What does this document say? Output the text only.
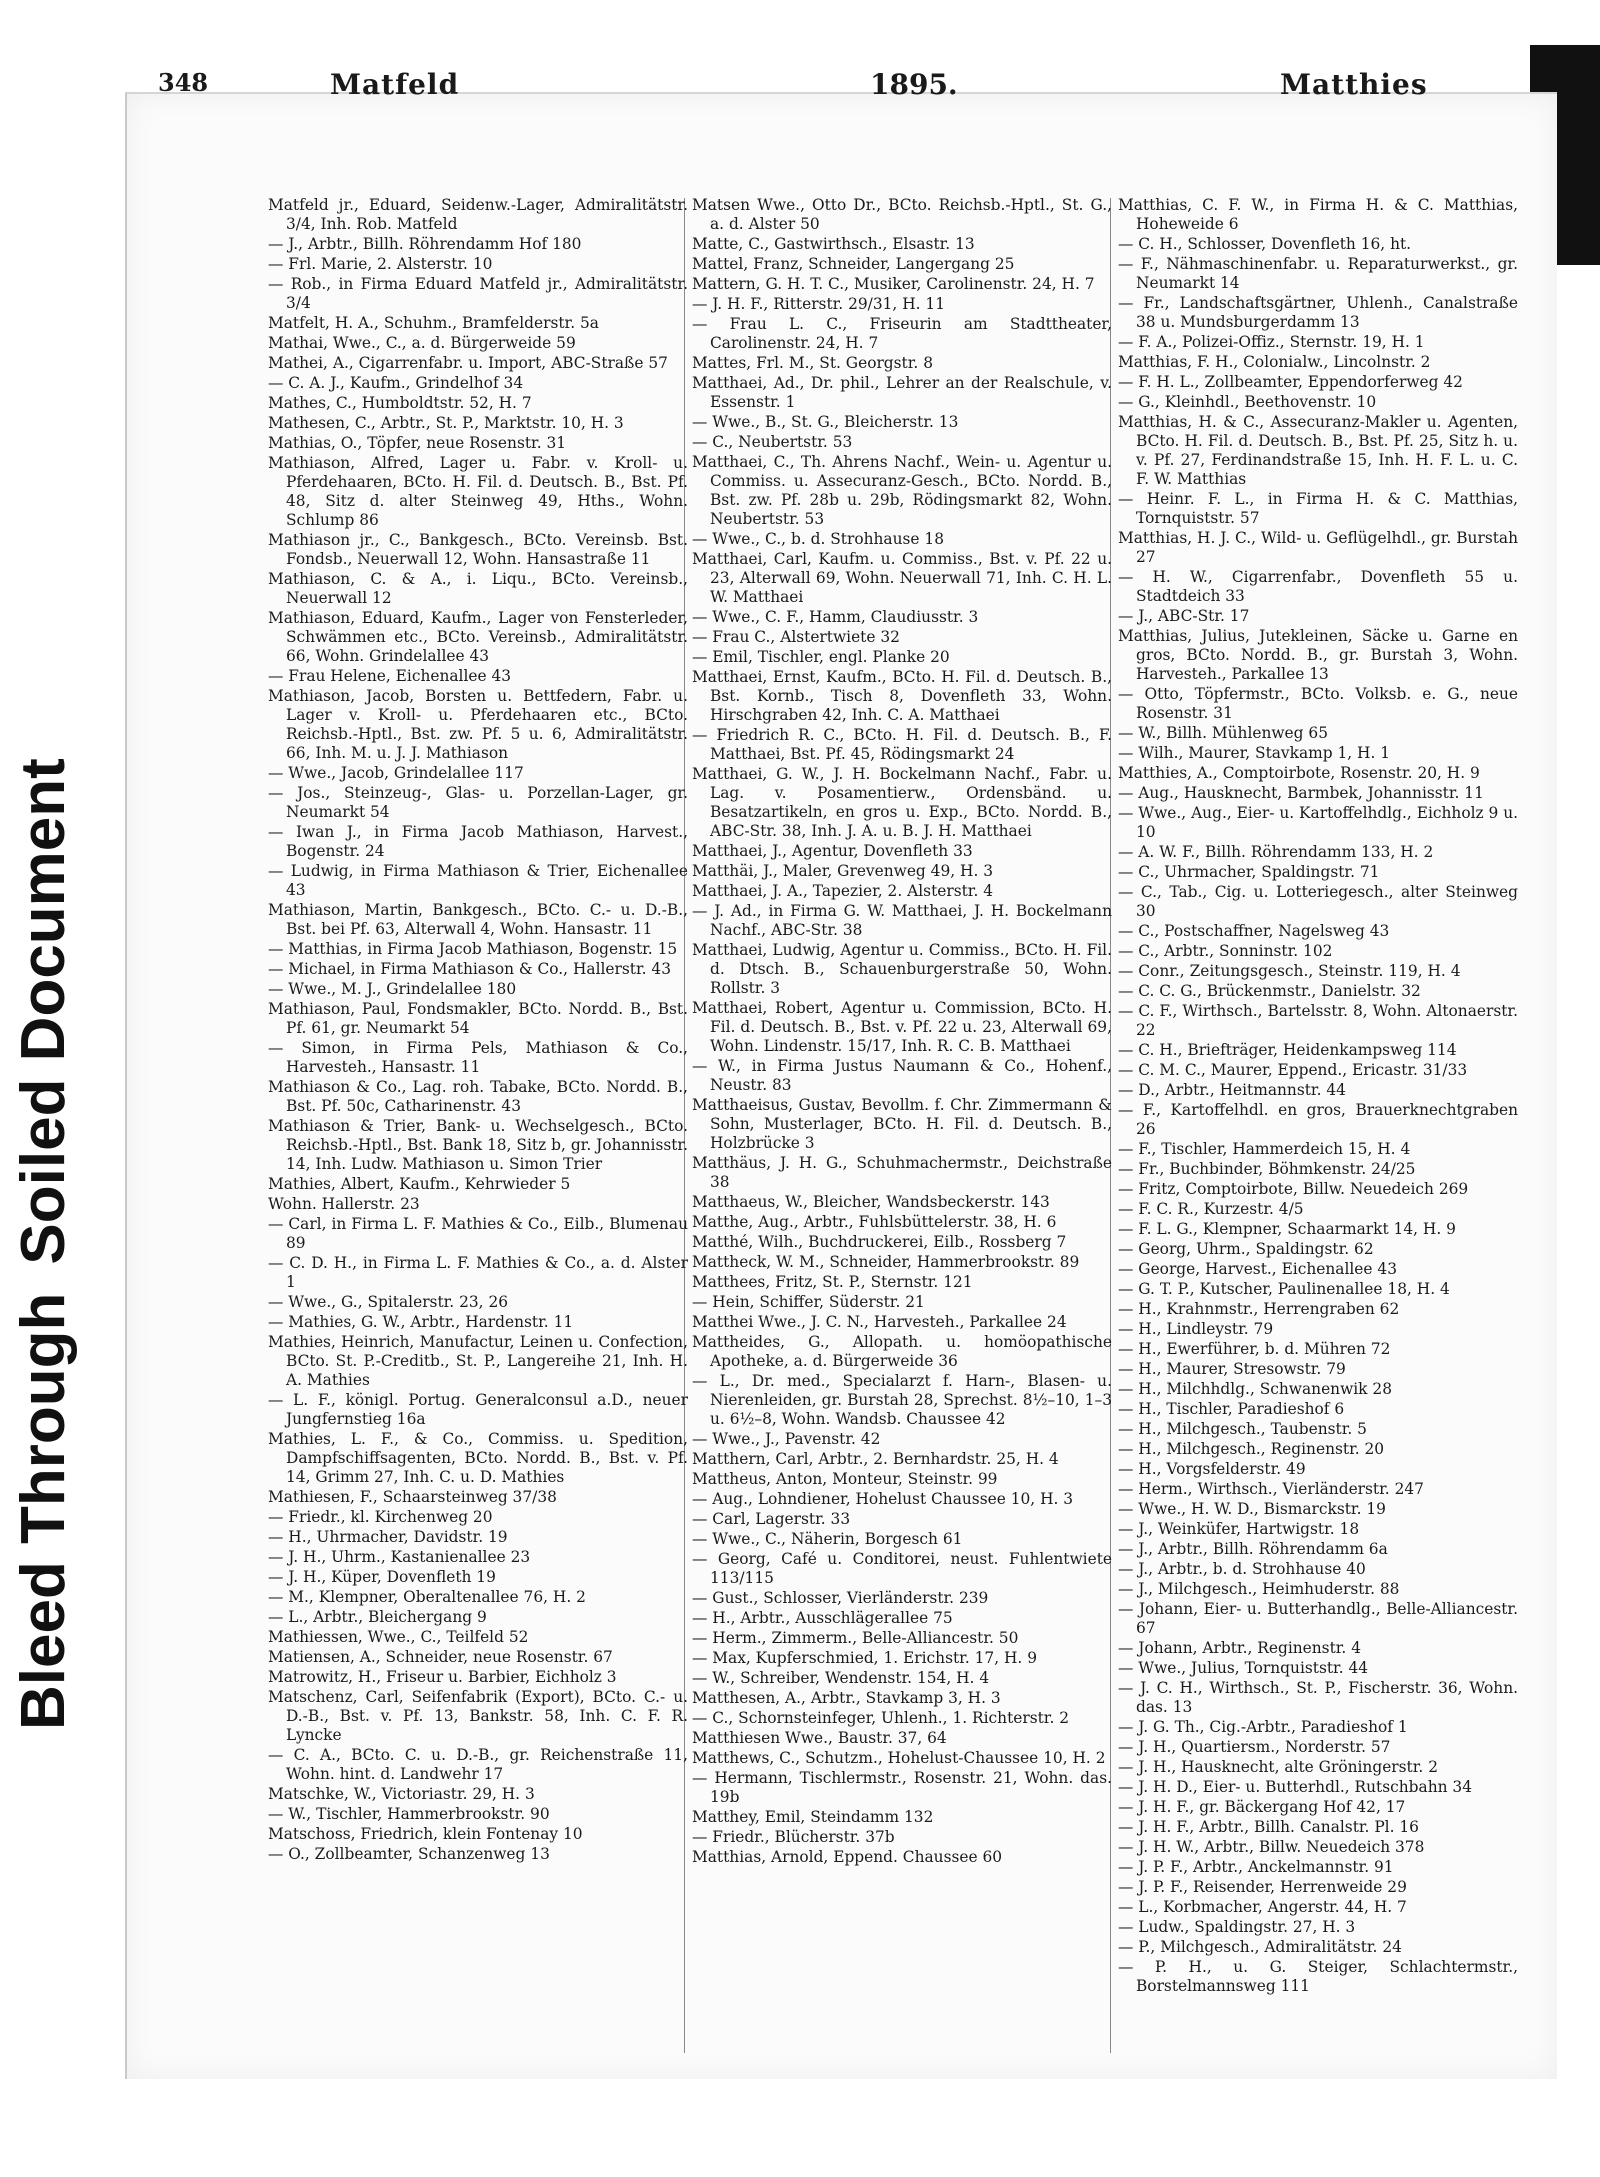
Bleed ThroughSoiled Document
348	Matfeld	1895.	Matthies

Matfeld jr., Eduard, Seidenw.-Lager, Admiralitätstr. 3/4, Inh. Rob. Matfeld

— J., Arbtr., Billh. Röhrendamm Hof 180

— Frl. Marie, 2. Alsterstr. 10

— Rob., in Firma Eduard Matfeld jr., Admiralitätstr. 3/4

Matfelt, H. A., Schuhm., Bramfelderstr. 5a

Mathai, Wwe., C., a. d. Bürgerweide 59

Mathei, A., Cigarrenfabr. u. Import, ABC-Straße 57

— C. A. J., Kaufm., Grindelhof 34

Mathes, C., Humboldtstr. 52, H. 7

Mathesen, C., Arbtr., St. P., Marktstr. 10, H. 3

Mathias, O., Töpfer, neue Rosenstr. 31

Mathiason, Alfred, Lager u. Fabr. v. Kroll- u. Pferdehaaren, BCto. H. Fil. d. Deutsch. B., Bst. Pf. 48, Sitz d. alter Steinweg 49, Hths., Wohn. Schlump 86

Mathiason jr., C., Bankgesch., BCto. Vereinsb. Bst. Fondsb., Neuerwall 12, Wohn. Hansastraße 11

Mathiason, C. & A., i. Liqu., BCto. Vereinsb., Neuerwall 12

Mathiason, Eduard, Kaufm., Lager von Fensterleder, Schwämmen etc., BCto. Vereinsb., Admiralitätstr. 66, Wohn. Grindelallee 43

— Frau Helene, Eichenallee 43

Mathiason, Jacob, Borsten u. Bettfedern, Fabr. u. Lager v. Kroll- u. Pferdehaaren etc., BCto. Reichsb.-Hptl., Bst. zw. Pf. 5 u. 6, Admiralitätstr. 66, Inh. M. u. J. J. Mathiason

— Wwe., Jacob, Grindelallee 117

— Jos., Steinzeug-, Glas- u. Porzellan-Lager, gr. Neumarkt 54

— Iwan J., in Firma Jacob Mathiason, Harvest., Bogenstr. 24

— Ludwig, in Firma Mathiason & Trier, Eichenallee 43

Mathiason, Martin, Bankgesch., BCto. C.- u. D.-B., Bst. bei Pf. 63, Alterwall 4, Wohn. Hansastr. 11

— Matthias, in Firma Jacob Mathiason, Bogenstr. 15

— Michael, in Firma Mathiason & Co., Hallerstr. 43

— Wwe., M. J., Grindelallee 180

Mathiason, Paul, Fondsmakler, BCto. Nordd. B., Bst. Pf. 61, gr. Neumarkt 54

— Simon, in Firma Pels, Mathiason & Co., Harvesteh., Hansastr. 11

Mathiason & Co., Lag. roh. Tabake, BCto. Nordd. B., Bst. Pf. 50c, Catharinenstr. 43

Mathiason & Trier, Bank- u. Wechselgesch., BCto. Reichsb.-Hptl., Bst. Bank 18, Sitz b, gr. Johannisstr. 14, Inh. Ludw. Mathiason u. Simon Trier

Mathies, Albert, Kaufm., Kehrwieder 5

Wohn. Hallerstr. 23

— Carl, in Firma L. F. Mathies & Co., Eilb., Blumenau 89

— C. D. H., in Firma L. F. Mathies & Co., a. d. Alster 1

— Wwe., G., Spitalerstr. 23, 26

— Mathies, G. W., Arbtr., Hardenstr. 11

Mathies, Heinrich, Manufactur, Leinen u. Confection, BCto. St. P.-Creditb., St. P., Langereihe 21, Inh. H. A. Mathies

— L. F., königl. Portug. Generalconsul a.D., neuer Jungfernstieg 16a

Mathies, L. F., & Co., Commiss. u. Spedition, Dampfschiffsagenten, BCto. Nordd. B., Bst. v. Pf. 14, Grimm 27, Inh. C. u. D. Mathies

Mathiesen, F., Schaarsteinweg 37/38

— Friedr., kl. Kirchenweg 20

— H., Uhrmacher, Davidstr. 19

— J. H., Uhrm., Kastanienallee 23

— J. H., Küper, Dovenfleth 19

— M., Klempner, Oberaltenallee 76, H. 2

— L., Arbtr., Bleichergang 9

Mathiessen, Wwe., C., Teilfeld 52

Matiensen, A., Schneider, neue Rosenstr. 67

Matrowitz, H., Friseur u. Barbier, Eichholz 3

Matschenz, Carl, Seifenfabrik (Export), BCto. C.- u. D.-B., Bst. v. Pf. 13, Bankstr. 58, Inh. C. F. R. Lyncke

— C. A., BCto. C. u. D.-B., gr. Reichenstraße 11, Wohn. hint. d. Landwehr 17

Matschke, W., Victoriastr. 29, H. 3

— W., Tischler, Hammerbrookstr. 90

Matschoss, Friedrich, klein Fontenay 10

— O., Zollbeamter, Schanzenweg 13

Matsen Wwe., Otto Dr., BCto. Reichsb.-Hptl., St. G., a. d. Alster 50

Matte, C., Gastwirthsch., Elsastr. 13

Mattel, Franz, Schneider, Langergang 25

Mattern, G. H. T. C., Musiker, Carolinenstr. 24, H. 7

— J. H. F., Ritterstr. 29/31, H. 11

— Frau L. C., Friseurin am Stadttheater, Carolinenstr. 24, H. 7

Mattes, Frl. M., St. Georgstr. 8

Matthaei, Ad., Dr. phil., Lehrer an der Realschule, v. Essenstr. 1

— Wwe., B., St. G., Bleicherstr. 13

— C., Neubertstr. 53

Matthaei, C., Th. Ahrens Nachf., Wein- u. Agentur u. Commiss. u. Assecuranz-Gesch., BCto. Nordd. B., Bst. zw. Pf. 28b u. 29b, Rödingsmarkt 82, Wohn. Neubertstr. 53

— Wwe., C., b. d. Strohhause 18

Matthaei, Carl, Kaufm. u. Commiss., Bst. v. Pf. 22 u. 23, Alterwall 69, Wohn. Neuerwall 71, Inh. C. H. L. W. Matthaei

— Wwe., C. F., Hamm, Claudiusstr. 3

— Frau C., Alstertwiete 32

— Emil, Tischler, engl. Planke 20

Matthaei, Ernst, Kaufm., BCto. H. Fil. d. Deutsch. B., Bst. Kornb., Tisch 8, Dovenfleth 33, Wohn. Hirschgraben 42, Inh. C. A. Matthaei

— Friedrich R. C., BCto. H. Fil. d. Deutsch. B., F. Matthaei, Bst. Pf. 45, Rödingsmarkt 24

Matthaei, G. W., J. H. Bockelmann Nachf., Fabr. u. Lag. v. Posamentierw., Ordensbänd. u. Besatzartikeln, en gros u. Exp., BCto. Nordd. B., ABC-Str. 38, Inh. J. A. u. B. J. H. Matthaei

Matthaei, J., Agentur, Dovenfleth 33

Matthäi, J., Maler, Grevenweg 49, H. 3

Matthaei, J. A., Tapezier, 2. Alsterstr. 4

— J. Ad., in Firma G. W. Matthaei, J. H. Bockelmann Nachf., ABC-Str. 38

Matthaei, Ludwig, Agentur u. Commiss., BCto. H. Fil. d. Dtsch. B., Schauenburgerstraße 50, Wohn. Rollstr. 3

Matthaei, Robert, Agentur u. Commission, BCto. H. Fil. d. Deutsch. B., Bst. v. Pf. 22 u. 23, Alterwall 69, Wohn. Lindenstr. 15/17, Inh. R. C. B. Matthaei

— W., in Firma Justus Naumann & Co., Hohenf., Neustr. 83

Matthaeisus, Gustav, Bevollm. f. Chr. Zimmermann & Sohn, Musterlager, BCto. H. Fil. d. Deutsch. B., Holzbrücke 3

Matthäus, J. H. G., Schuhmachermstr., Deichstraße 38

Matthaeus, W., Bleicher, Wandsbeckerstr. 143

Matthe, Aug., Arbtr., Fuhlsbüttelerstr. 38, H. 6

Matthé, Wilh., Buchdruckerei, Eilb., Rossberg 7

Mattheck, W. M., Schneider, Hammerbrookstr. 89

Matthees, Fritz, St. P., Sternstr. 121

— Hein, Schiffer, Süderstr. 21

Matthei Wwe., J. C. N., Harvesteh., Parkallee 24

Mattheides, G., Allopath. u. homöopathische Apotheke, a. d. Bürgerweide 36

— L., Dr. med., Specialarzt f. Harn-, Blasen- u. Nierenleiden, gr. Burstah 28, Sprechst. 8½–10, 1–3 u. 6½–8, Wohn. Wandsb. Chaussee 42

— Wwe., J., Pavenstr. 42

Matthern, Carl, Arbtr., 2. Bernhardstr. 25, H. 4

Mattheus, Anton, Monteur, Steinstr. 99

— Aug., Lohndiener, Hohelust Chaussee 10, H. 3

— Carl, Lagerstr. 33

— Wwe., C., Näherin, Borgesch 61

— Georg, Café u. Conditorei, neust. Fuhlentwiete 113/115

— Gust., Schlosser, Vierländerstr. 239

— H., Arbtr., Ausschlägerallee 75

— Herm., Zimmerm., Belle-Alliancestr. 50

— Max, Kupferschmied, 1. Erichstr. 17, H. 9

— W., Schreiber, Wendenstr. 154, H. 4

Matthesen, A., Arbtr., Stavkamp 3, H. 3

— C., Schornsteinfeger, Uhlenh., 1. Richterstr. 2

Matthiesen Wwe., Baustr. 37, 64

Matthews, C., Schutzm., Hohelust-Chaussee 10, H. 2

— Hermann, Tischlermstr., Rosenstr. 21, Wohn. das. 19b

Matthey, Emil, Steindamm 132

— Friedr., Blücherstr. 37b

Matthias, Arnold, Eppend. Chaussee 60

Matthias, C. F. W., in Firma H. & C. Matthias, Hoheweide 6

— C. H., Schlosser, Dovenfleth 16, ht.

— F., Nähmaschinenfabr. u. Reparaturwerkst., gr. Neumarkt 14

— Fr., Landschaftsgärtner, Uhlenh., Canalstraße 38 u. Mundsburgerdamm 13

— F. A., Polizei-Offiz., Sternstr. 19, H. 1

Matthias, F. H., Colonialw., Lincolnstr. 2

— F. H. L., Zollbeamter, Eppendorferweg 42

— G., Kleinhdl., Beethovenstr. 10

Matthias, H. & C., Assecuranz-Makler u. Agenten, BCto. H. Fil. d. Deutsch. B., Bst. Pf. 25, Sitz h. u. v. Pf. 27, Ferdinandstraße 15, Inh. H. F. L. u. C. F. W. Matthias

— Heinr. F. L., in Firma H. & C. Matthias, Tornquiststr. 57

Matthias, H. J. C., Wild- u. Geflügelhdl., gr. Burstah 27

— H. W., Cigarrenfabr., Dovenfleth 55 u. Stadtdeich 33

— J., ABC-Str. 17

Matthias, Julius, Jutekleinen, Säcke u. Garne en gros, BCto. Nordd. B., gr. Burstah 3, Wohn. Harvesteh., Parkallee 13

— Otto, Töpfermstr., BCto. Volksb. e. G., neue Rosenstr. 31

— W., Billh. Mühlenweg 65

— Wilh., Maurer, Stavkamp 1, H. 1

Matthies, A., Comptoirbote, Rosenstr. 20, H. 9

— Aug., Hausknecht, Barmbek, Johannisstr. 11

— Wwe., Aug., Eier- u. Kartoffelhdlg., Eichholz 9 u. 10

— A. W. F., Billh. Röhrendamm 133, H. 2

— C., Uhrmacher, Spaldingstr. 71

— C., Tab., Cig. u. Lotteriegesch., alter Steinweg 30

— C., Postschaffner, Nagelsweg 43

— C., Arbtr., Sonninstr. 102

— Conr., Zeitungsgesch., Steinstr. 119, H. 4

— C. C. G., Brückenmstr., Danielstr. 32

— C. F., Wirthsch., Bartelsstr. 8, Wohn. Altonaerstr. 22

— C. H., Briefträger, Heidenkampsweg 114

— C. M. C., Maurer, Eppend., Ericastr. 31/33

— D., Arbtr., Heitmannstr. 44

— F., Kartoffelhdl. en gros, Brauerknechtgraben 26

— F., Tischler, Hammerdeich 15, H. 4

— Fr., Buchbinder, Böhmkenstr. 24/25

— Fritz, Comptoirbote, Billw. Neuedeich 269

— F. C. R., Kurzestr. 4/5

— F. L. G., Klempner, Schaarmarkt 14, H. 9

— Georg, Uhrm., Spaldingstr. 62

— George, Harvest., Eichenallee 43

— G. T. P., Kutscher, Paulinenallee 18, H. 4

— H., Krahnmstr., Herrengraben 62

— H., Lindleystr. 79

— H., Ewerführer, b. d. Mühren 72

— H., Maurer, Stresowstr. 79

— H., Milchhdlg., Schwanenwik 28

— H., Tischler, Paradieshof 6

— H., Milchgesch., Taubenstr. 5

— H., Milchgesch., Reginenstr. 20

— H., Vorgsfelderstr. 49

— Herm., Wirthsch., Vierländerstr. 247

— Wwe., H. W. D., Bismarckstr. 19

— J., Weinküfer, Hartwigstr. 18

— J., Arbtr., Billh. Röhrendamm 6a

— J., Arbtr., b. d. Strohhause 40

— J., Milchgesch., Heimhuderstr. 88

— Johann, Eier- u. Butterhandlg., Belle-Alliancestr. 67

— Johann, Arbtr., Reginenstr. 4

— Wwe., Julius, Tornquiststr. 44

— J. C. H., Wirthsch., St. P., Fischerstr. 36, Wohn. das. 13

— J. G. Th., Cig.-Arbtr., Paradieshof 1

— J. H., Quartiersm., Norderstr. 57

— J. H., Hausknecht, alte Gröningerstr. 2

— J. H. D., Eier- u. Butterhdl., Rutschbahn 34

— J. H. F., gr. Bäckergang Hof 42, 17

— J. H. F., Arbtr., Billh. Canalstr. Pl. 16

— J. H. W., Arbtr., Billw. Neuedeich 378

— J. P. F., Arbtr., Anckelmannstr. 91

— J. P. F., Reisender, Herrenweide 29

— L., Korbmacher, Angerstr. 44, H. 7

— Ludw., Spaldingstr. 27, H. 3

— P., Milchgesch., Admiralitätstr. 24

— P. H., u. G. Steiger, Schlachtermstr., Borstelmannsweg 111
